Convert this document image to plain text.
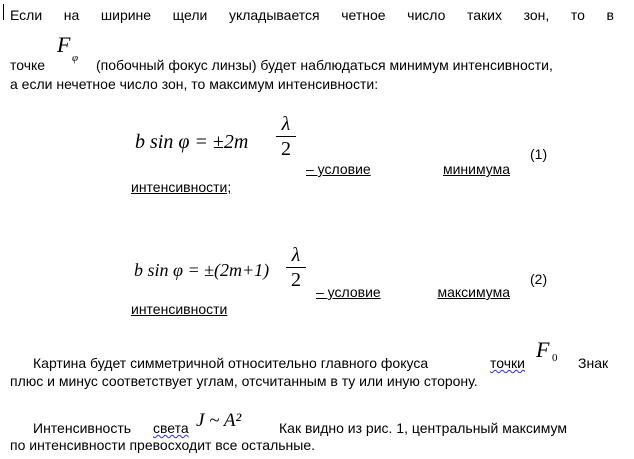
Если на ширине щели укладывается четное число таких зон, то в
точке
F
φ (побочный фокус линзы) будет наблюдаться минимум интенсивности,
а если нечетное число зон, то максимум интенсивности:
b sin φ = ±2m
λ
2
– условие	минимума
(1)
интенсивности;
b sin φ = ±(2m+1)
λ
2
– условие	максимума
(2)
интенсивности
Картина будет симметричной относительно главного фокуса	точки
F 0 Знак
плюс и минус соответствует углам, отсчитанным в ту или иную сторону.
Интенсивность света J ~ A²	Как видно из рис. 1, центральный максимум
по интенсивности превосходит все остальные.
